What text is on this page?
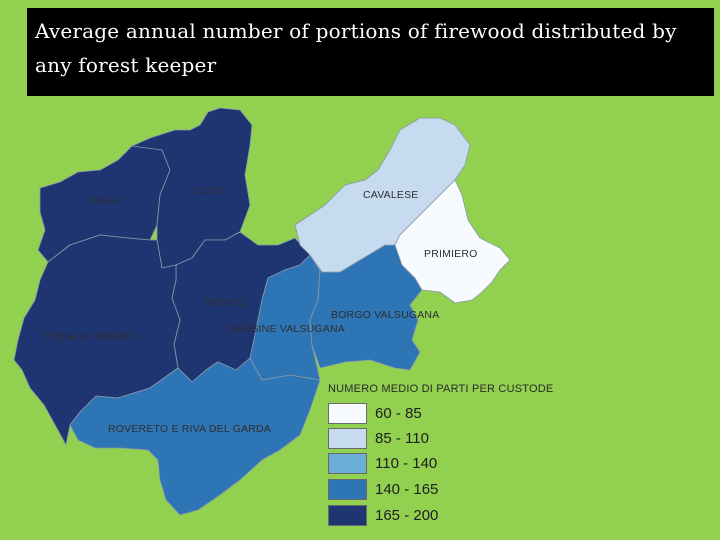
Average annual number of portions of firewood distributed by any forest keeper
MALE'
CLES	CAVALESE
PRIMIERO
TRENTO
BORGO VALSUGANA
PERGINE VALSUGANA
TIONE DI TRENTO
ROVERETO E RIVA DEL GARDA
NUMERO MEDIO DI PARTI PER CUSTODE
60 - 85
85 - 110
110 - 140
140 - 165
165 - 200
